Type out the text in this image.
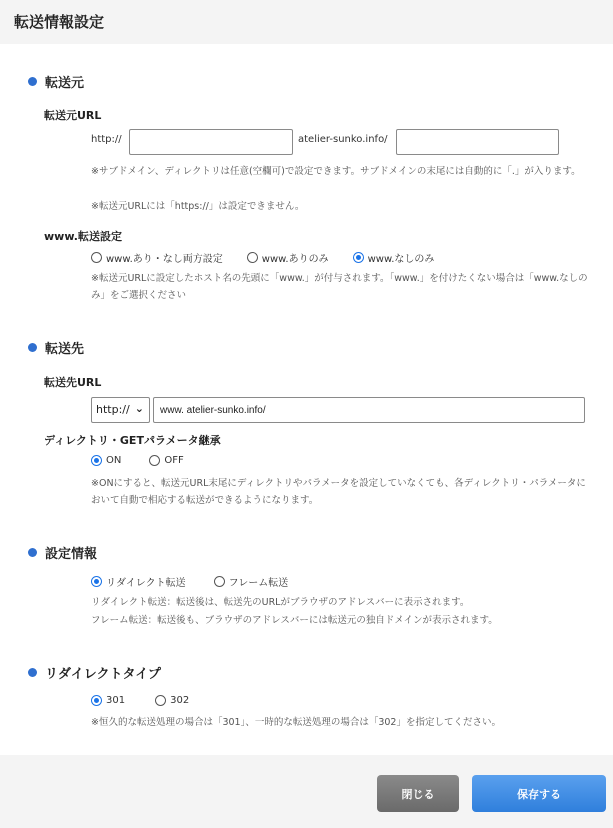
転送情報設定
転送元
転送元URL
http://	atelier-sunko.info/
※サブドメイン、ディレクトリは任意(空欄可)で設定できます。サブドメインの末尾には自動的に「.」が入ります。
※転送元URLには「https://」は設定できません。
www.転送設定
www.あり・なし両方設定	www.ありのみ	www.なしのみ
※転送元URLに設定したホスト名の先頭に「www.」が付与されます。「www.」を付けたくない場合は「www.なしのみ」をご選択ください
転送先
転送先URL
http:// ⌄
www. atelier-sunko.info/
ディレクトリ・GETパラメータ継承
ON	OFF
※ONにすると、転送元URL末尾にディレクトリやパラメータを設定していなくても、各ディレクトリ・パラメータにおいて自動で相応する転送ができるようになります。
設定情報
リダイレクト転送	フレーム転送
リダイレクト転送：転送後は、転送先のURLがブラウザのアドレスバーに表示されます。
フレーム転送：転送後も、ブラウザのアドレスバーには転送元の独自ドメインが表示されます。
リダイレクトタイプ
301	302
※恒久的な転送処理の場合は「301」、一時的な転送処理の場合は「302」を指定してください。
閉じる	保存する
